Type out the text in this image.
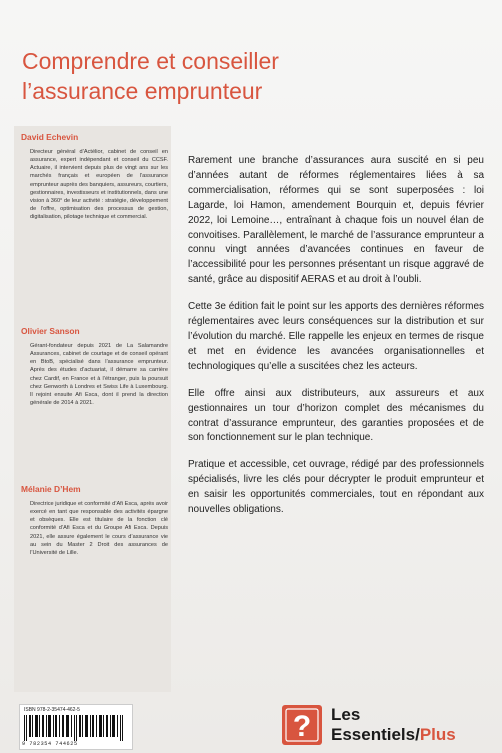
Comprendre et conseiller
l’assurance emprunteur
David Echevin

Directeur général d’Actélior, cabinet de conseil en assurance, expert indépendant et conseil du CCSF. Actuaire, il intervient depuis plus de vingt ans sur les marchés français et européen de l’assurance emprunteur auprès des banquiers, assureurs, courtiers, gestionnaires, investisseurs et institutionnels, dans une vision à 360° de leur activité : stratégie, développement de l’offre, optimisation des processus de gestion, digitalisation, pilotage technique et commercial.

Olivier Sanson

Gérant-fondateur depuis 2021 de La Salamandre Assurances, cabinet de courtage et de conseil opérant en BtoB, spécialisé dans l’assurance emprunteur. Après des études d’actuariat, il démarre sa carrière chez Cardif, en France et à l’étranger, puis la poursuit chez Genworth à Londres et Swiss Life à Luxembourg. Il rejoint ensuite Afi Esca, dont il prend la direction générale de 2014 à 2021.

Mélanie D’Hem

Directrice juridique et conformité d’Afi Esca, après avoir exercé en tant que responsable des activités épargne et obsèques. Elle est titulaire de la fonction clé conformité d’Afi Esca et du Groupe Afi Esca. Depuis 2021, elle assure également le cours d’assurance vie au sein du Master 2 Droit des assurances de l’Université de Lille.

Rarement une branche d’assurances aura suscité en si peu d’années autant de réformes réglementaires liées à sa commercialisation, réformes qui se sont superposées : loi Lagarde, loi Hamon, amendement Bourquin et, depuis février 2022, loi Lemoine…, entraînant à chaque fois un nouvel élan de convoitises. Parallèlement, le marché de l’assurance emprunteur a connu vingt années d’avancées continues en faveur de l’accessibilité pour les personnes présentant un risque aggravé de santé, grâce au dispositif AERAS et au droit à l’oubli.

Cette 3e édition fait le point sur les apports des dernières réformes réglementaires avec leurs conséquences sur la distribution et sur l’évolution du marché. Elle rappelle les enjeux en termes de risque et met en évidence les avancées organisationnelles et technologiques qu’elle a suscitées chez les acteurs.

Elle offre ainsi aux distributeurs, aux assureurs et aux gestionnaires un tour d’horizon complet des mécanismes du contrat d’assurance emprunteur, des garanties proposées et de son fonctionnement sur le plan technique.

Pratique et accessible, cet ouvrage, rédigé par des professionnels spécialisés, livre les clés pour décrypter le produit emprunteur et en saisir les opportunités commerciales, tout en répondant aux nouvelles obligations.

ISBN 978-2-35474-462-5
9 782354 744625
? Les
Essentiels/Plus
